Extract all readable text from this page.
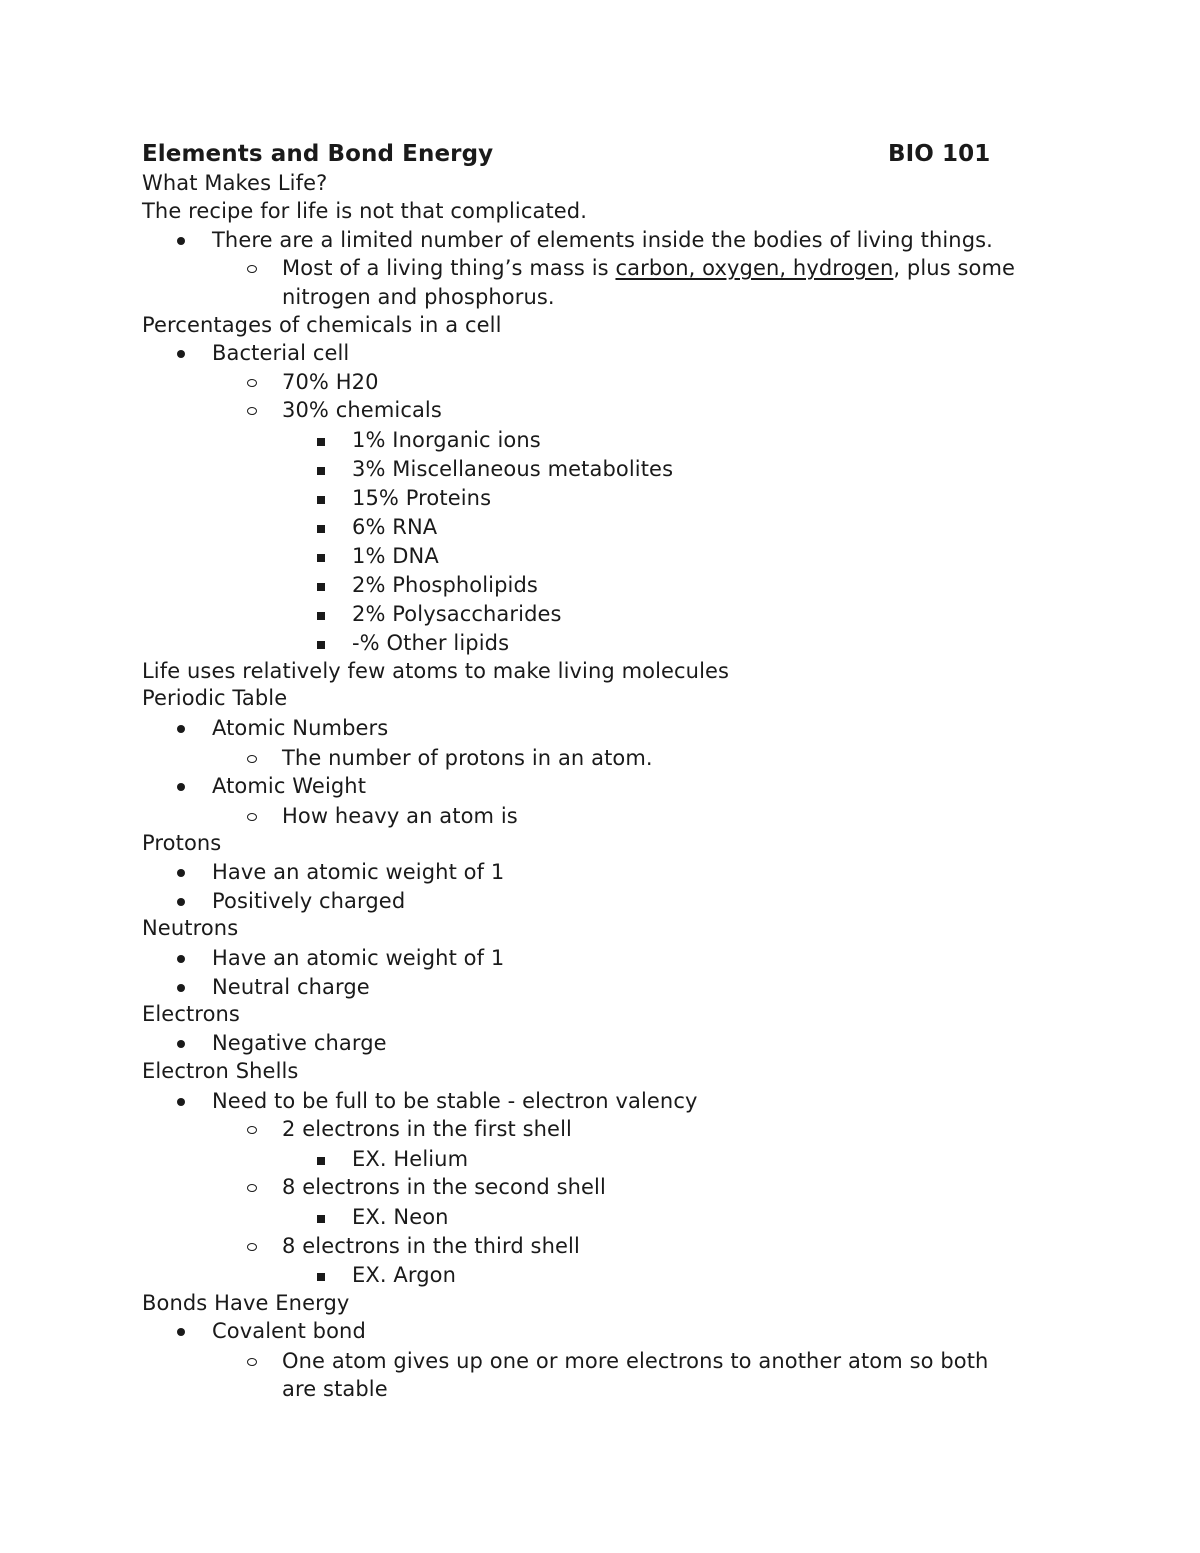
Elements and Bond Energy	BIO 101
What Makes Life?
The recipe for life is not that complicated.
There are a limited number of elements inside the bodies of living things.
Most of a living thing’s mass is carbon, oxygen, hydrogen, plus some
nitrogen and phosphorus.
Percentages of chemicals in a cell
Bacterial cell
70% H20
30% chemicals
1% Inorganic ions
3% Miscellaneous metabolites
15% Proteins
6% RNA
1% DNA
2% Phospholipids
2% Polysaccharides
-% Other lipids
Life uses relatively few atoms to make living molecules
Periodic Table
Atomic Numbers
The number of protons in an atom.
Atomic Weight
How heavy an atom is
Protons
Have an atomic weight of 1
Positively charged
Neutrons
Have an atomic weight of 1
Neutral charge
Electrons
Negative charge
Electron Shells
Need to be full to be stable - electron valency
2 electrons in the first shell
EX. Helium
8 electrons in the second shell
EX. Neon
8 electrons in the third shell
EX. Argon
Bonds Have Energy
Covalent bond
One atom gives up one or more electrons to another atom so both
are stable
